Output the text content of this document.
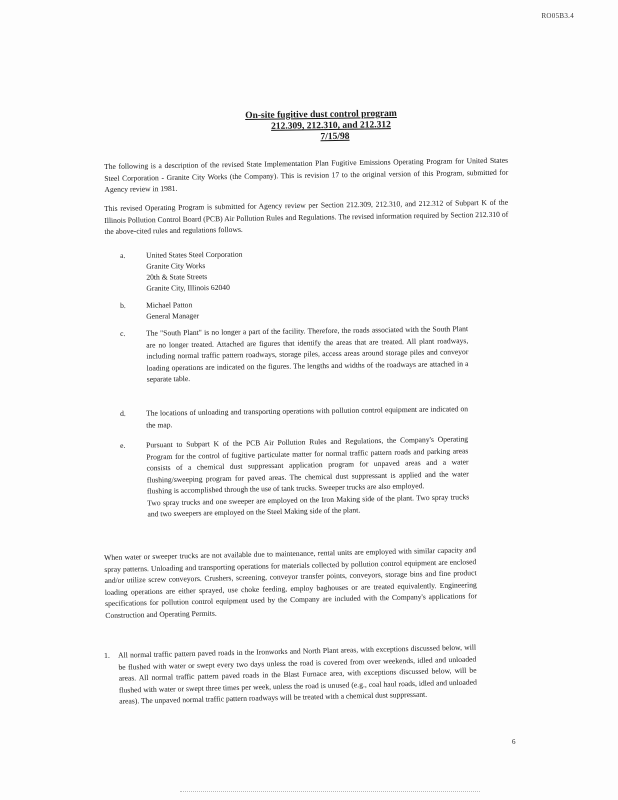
RO05B3.4
On-site fugitive dust control program
212.309, 212.310, and 212.312
7/15/98
The following is a description of the revised State Implementation Plan Fugitive Emissions Operating Program for United States Steel Corporation - Granite City Works (the Company). This is revision 17 to the original version of this Program, submitted for Agency review in 1981.
This revised Operating Program is submitted for Agency review per Section 212.309, 212.310, and 212.312 of Subpart K of the Illinois Pollution Control Board (PCB) Air Pollution Rules and Regulations. The revised information required by Section 212.310 of the above-cited rules and regulations follows.
a.	United States Steel Corporation
Granite City Works
20th & State Streets
Granite City, Illinois 62040
b.	Michael Patton
General Manager
c.	The "South Plant" is no longer a part of the facility. Therefore, the roads associated with the South Plant are no longer treated. Attached are figures that identify the areas that are treated. All plant roadways, including normal traffic pattern roadways, storage piles, access areas around storage piles and conveyor loading operations are indicated on the figures. The lengths and widths of the roadways are attached in a separate table.
d.	The locations of unloading and transporting operations with pollution control equipment are indicated on the map.
e.	Pursuant to Subpart K of the PCB Air Pollution Rules and Regulations, the Company's Operating Program for the control of fugitive particulate matter for normal traffic pattern roads and parking areas consists of a chemical dust suppressant application program for unpaved areas and a water flushing/sweeping program for paved areas. The chemical dust suppressant is applied and the water flushing is accomplished through the use of tank trucks. Sweeper trucks are also employed.
Two spray trucks and one sweeper are employed on the Iron Making side of the plant. Two spray trucks and two sweepers are employed on the Steel Making side of the plant.
When water or sweeper trucks are not available due to maintenance, rental units are employed with similar capacity and spray patterns. Unloading and transporting operations for materials collected by pollution control equipment are enclosed and/or utilize screw conveyors. Crushers, screening, conveyor transfer points, conveyors, storage bins and fine product loading operations are either sprayed, use choke feeding, employ baghouses or are treated equivalently. Engineering specifications for pollution control equipment used by the Company are included with the Company's applications for Construction and Operating Permits.
1. All normal traffic pattern paved roads in the Ironworks and North Plant areas, with exceptions discussed below, will be flushed with water or swept every two days unless the road is covered from over weekends, idled and unloaded areas. All normal traffic pattern paved roads in the Blast Furnace area, with exceptions discussed below, will be flushed with water or swept three times per week, unless the road is unused (e.g., coal haul roads, idled and unloaded areas). The unpaved normal traffic pattern roadways will be treated with a chemical dust suppressant.
6
